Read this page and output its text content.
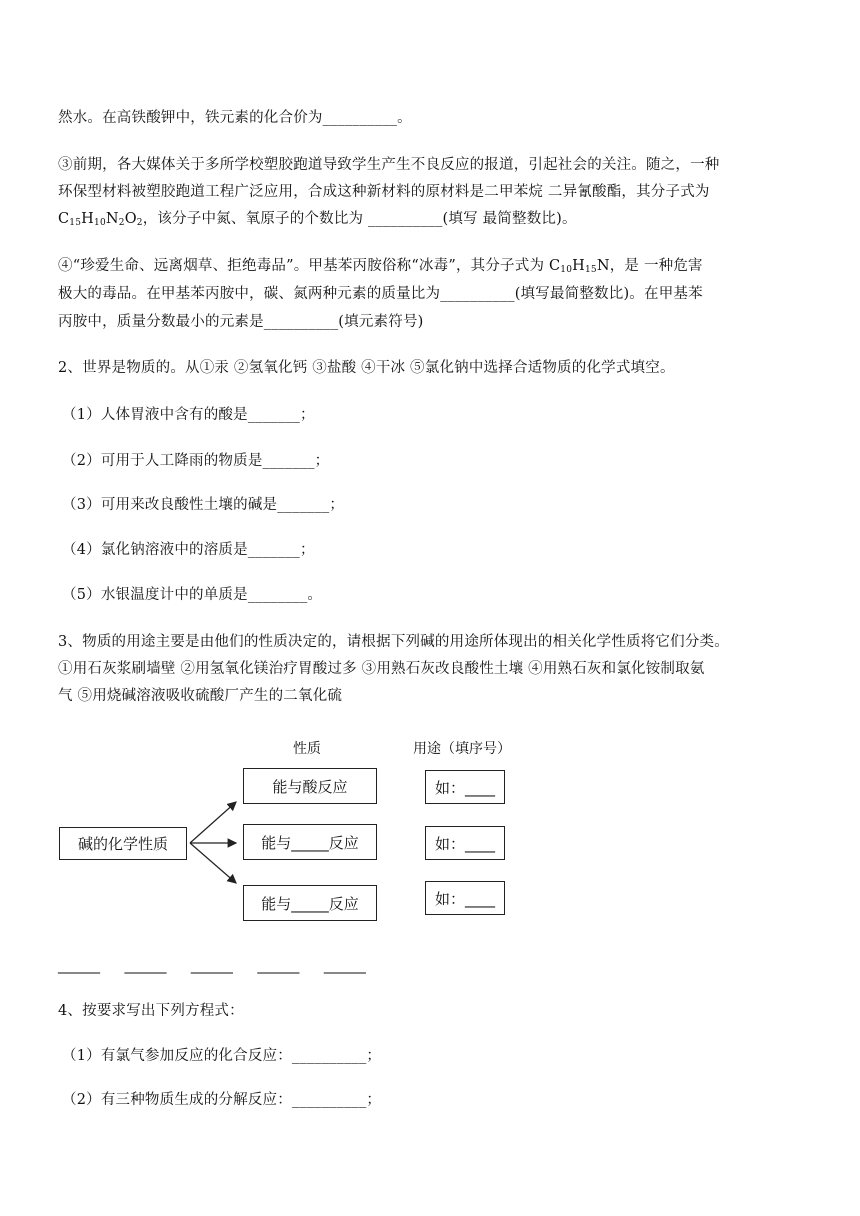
然水。在高铁酸钾中，铁元素的化合价为__________。
③前期，各大媒体关于多所学校塑胶跑道导致学生产生不良反应的报道，引起社会的关注。随之，一种
环保型材料被塑胶跑道工程广泛应用，合成这种新材料的原材料是二甲苯烷 二异氰酸酯，其分子式为
$C_{15}H_{10}N_2O_2$，该分子中氮、氧原子的个数比为 __________(填写 最简整数比)。
④“珍爱生命、远离烟草、拒绝毒品”。甲基苯丙胺俗称“冰毒”，其分子式为 $C_{10}H_{15}N$，是 一种危害
极大的毒品。在甲基苯丙胺中，碳、氮两种元素的质量比为__________(填写最简整数比)。在甲基苯
丙胺中，质量分数最小的元素是__________(填元素符号)
2、世界是物质的。从①汞 ②氢氧化钙 ③盐酸 ④干冰 ⑤氯化钠中选择合适物质的化学式填空。
（1）人体胃液中含有的酸是_______；
（2）可用于人工降雨的物质是_______；
（3）可用来改良酸性土壤的碱是_______；
（4）氯化钠溶液中的溶质是_______；
（5）水银温度计中的单质是________。
3、物质的用途主要是由他们的性质决定的，请根据下列碱的用途所体现出的相关化学性质将它们分类。
①用石灰浆刷墙壁 ②用氢氧化镁治疗胃酸过多 ③用熟石灰改良酸性土壤 ④用熟石灰和氯化铵制取氨
气 ⑤用烧碱溶液吸收硫酸厂产生的二氧化硫
性质	用途（填序号）
碱的化学性质
能与酸反应
能与_____反应
能与_____反应
如：____
如：____
如：____
______ ______ ______ ______ ______
4、按要求写出下列方程式：
（1）有氯气参加反应的化合反应：__________；
（2）有三种物质生成的分解反应：__________；
